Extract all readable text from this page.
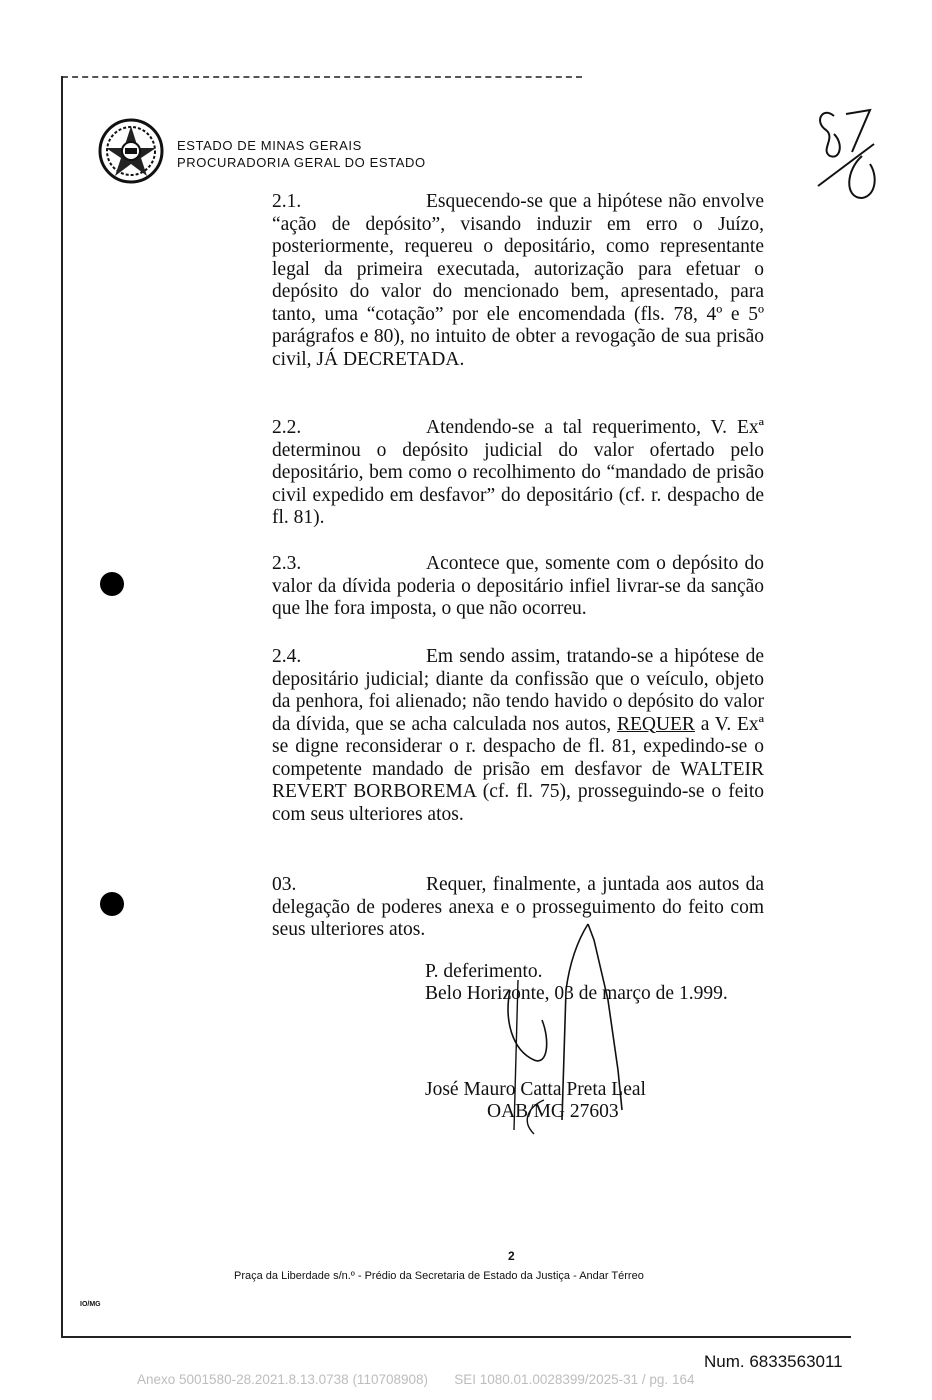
ESTADO DE MINAS GERAIS
PROCURADORIA GERAL DO ESTADO
2.1.	Esquecendo-se que a hipótese não envolve “ação de depósito”, visando induzir em erro o Juízo, posteriormente, requereu o depositário, como representante legal da primeira executada, autorização para efetuar o depósito do valor do mencionado bem, apresentado, para tanto, uma “cotação” por ele encomendada (fls. 78, 4º e 5º parágrafos e 80), no intuito de obter a revogação de sua prisão civil, JÁ DECRETADA.
2.2.	Atendendo-se a tal requerimento, V. Exª determinou o depósito judicial do valor ofertado pelo depositário, bem como o recolhimento do “mandado de prisão civil expedido em desfavor” do depositário (cf. r. despacho de fl. 81).
2.3.	Acontece que, somente com o depósito do valor da dívida poderia o depositário infiel livrar-se da sanção que lhe fora imposta, o que não ocorreu.
2.4.	Em sendo assim, tratando-se a hipótese de depositário judicial; diante da confissão que o veículo, objeto da penhora, foi alienado; não tendo havido o depósito do valor da dívida, que se acha calculada nos autos, REQUER a V. Exª se digne reconsiderar o r. despacho de fl. 81, expedindo-se o competente mandado de prisão em desfavor de WALTEIR REVERT BORBOREMA (cf. fl. 75), prosseguindo-se o feito com seus ulteriores atos.
03.	Requer, finalmente, a juntada aos autos da delegação de poderes anexa e o prosseguimento do feito com seus ulteriores atos.
P. deferimento.
Belo Horizonte, 03 de março de 1.999.
José Mauro Catta Preta Leal
OAB/MG 27603
2
Praça da Liberdade s/n.º - Prédio da Secretaria de Estado da Justiça - Andar Térreo
IO/MG
Num. 6833563011
Anexo 5001580-28.2021.8.13.0738 (110708908)       SEI 1080.01.0028399/2025-31 / pg. 164
